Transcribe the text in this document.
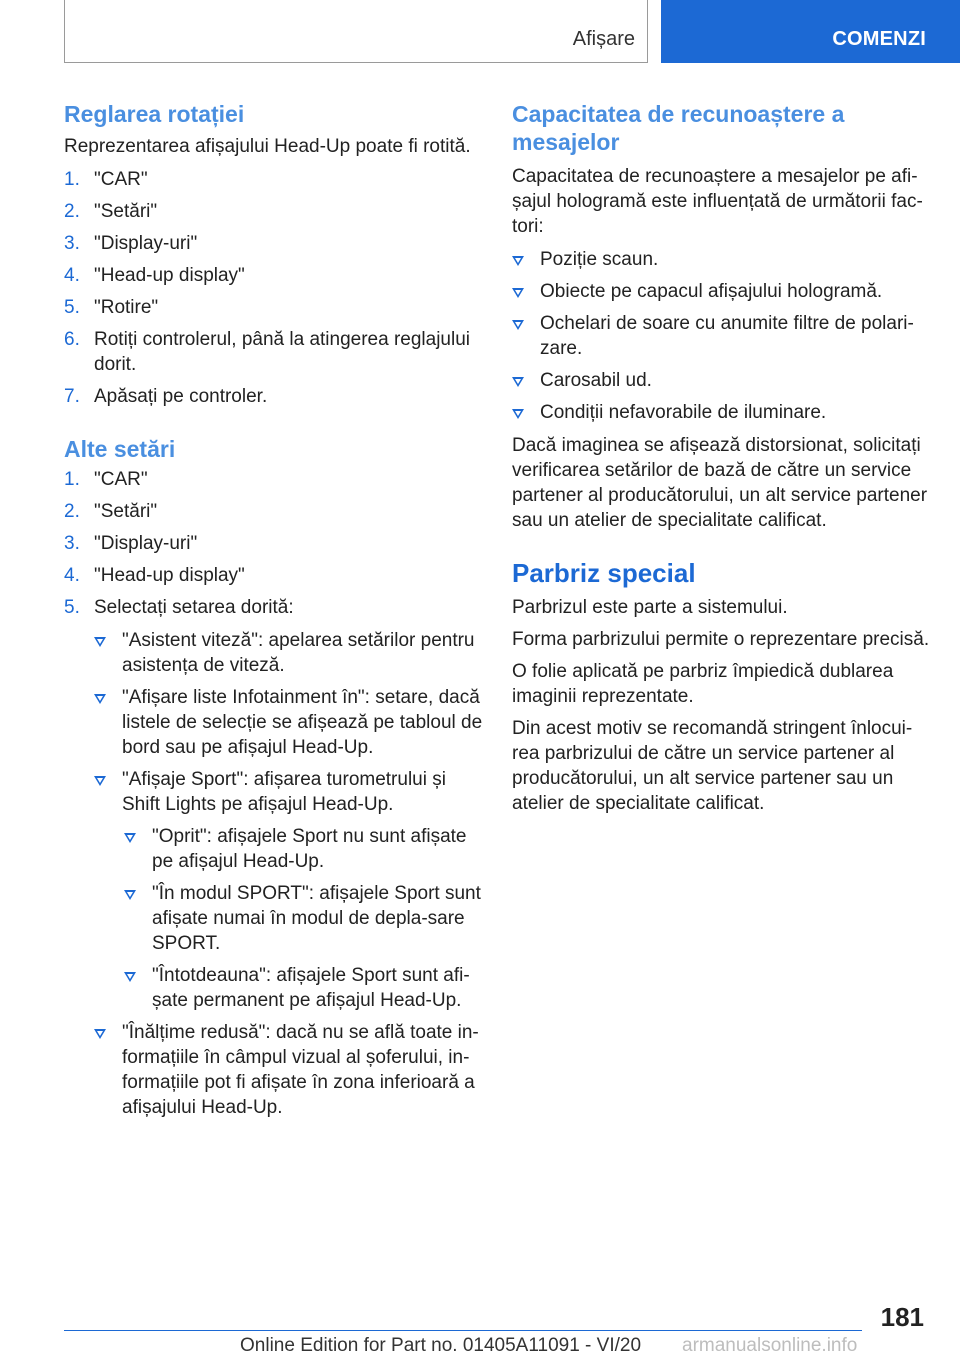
Afișare	COMENZI
Reglarea rotației

Reprezentarea afișajului Head-Up poate fi rotită.

1. "CAR"
2. "Setări"
3. "Display-uri"
4. "Head-up display"
5. "Rotire"
6. Rotiți controlerul, până la atingerea reglajului dorit.
7. Apăsați pe controler.
Alte setări
1. "CAR"
2. "Setări"
3. "Display-uri"
4. "Head-up display"
5. Selectați setarea dorită:
"Asistent viteză": apelarea setărilor pentru asistența de viteză.
"Afișare liste Infotainment în": setare, dacă listele de selecție se afișează pe tabloul de bord sau pe afișajul Head-Up.
"Afișaje Sport": afișarea turometrului și Shift Lights pe afișajul Head-Up.
"Oprit": afișajele Sport nu sunt afișate pe afișajul Head-Up.
"În modul SPORT": afișajele Sport sunt afișate numai în modul de depla-sare SPORT.
"Întotdeauna": afișajele Sport sunt afi-șate permanent pe afișajul Head-Up.
"Înălțime redusă": dacă nu se află toate in-formațiile în câmpul vizual al șoferului, in-formațiile pot fi afișate în zona inferioară a afișajului Head-Up.
Capacitatea de recunoaștere a mesajelor

Capacitatea de recunoaștere a mesajelor pe afi-șajul hologramă este influențată de următorii fac-tori:

Poziție scaun.
Obiecte pe capacul afișajului hologramă.
Ochelari de soare cu anumite filtre de polari-zare.
Carosabil ud.
Condiții nefavorabile de iluminare.

Dacă imaginea se afișează distorsionat, solicitați verificarea setărilor de bază de către un service partener al producătorului, un alt service partener sau un atelier de specialitate calificat.

Parbriz special

Parbrizul este parte a sistemului.

Forma parbrizului permite o reprezentare precisă.

O folie aplicată pe parbriz împiedică dublarea imaginii reprezentate.

Din acest motiv se recomandă stringent înlocui-rea parbrizului de către un service partener al producătorului, un alt service partener sau un atelier de specialitate calificat.

181
Online Edition for Part no. 01405A11091 - VI/20 armanualsonline.info
